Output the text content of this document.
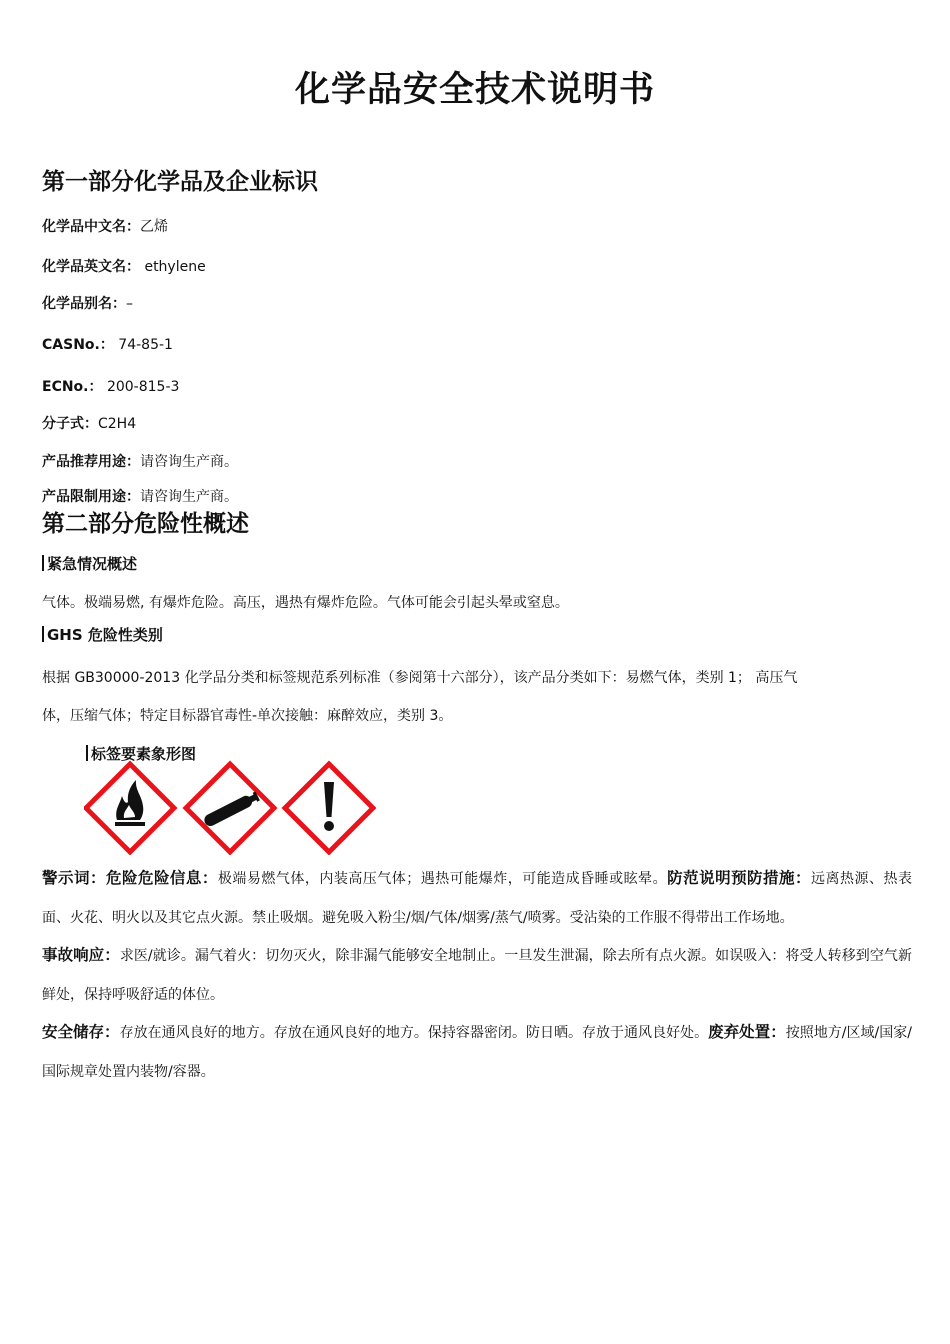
化学品安全技术说明书
第一部分化学品及企业标识
化学品中文名：乙烯
化学品英文名： ethylene
化学品别名：–
CASNo.： 74-85-1
ECNo.： 200-815-3
分子式：C2H4
产品推荐用途：请咨询生产商。
产品限制用途：请咨询生产商。
第二部分危险性概述
紧急情况概述
气体。极端易燃, 有爆炸危险。高压，遇热有爆炸危险。气体可能会引起头晕或窒息。
GHS 危险性类别
根据 GB30000-2013 化学品分类和标签规范系列标准（参阅第十六部分），该产品分类如下：易燃气体，类别 1； 高压气
体，压缩气体；特定目标器官毒性-单次接触：麻醉效应，类别 3。
标签要素象形图
警示词：危险危险信息：极端易燃气体，内装高压气体；遇热可能爆炸，可能造成昏睡或眩晕。防范说明预防措施：远离热源、热表面、火花、明火以及其它点火源。禁止吸烟。避免吸入粉尘/烟/气体/烟雾/蒸气/喷雾。受沾染的工作服不得带出工作场地。
事故响应：求医/就诊。漏气着火：切勿灭火，除非漏气能够安全地制止。一旦发生泄漏，除去所有点火源。如误吸入：将受人转移到空气新鲜处，保持呼吸舒适的体位。
安全储存：存放在通风良好的地方。存放在通风良好的地方。保持容器密闭。防日晒。存放于通风良好处。废弃处置：按照地方/区域/国家/国际规章处置内装物/容器。
